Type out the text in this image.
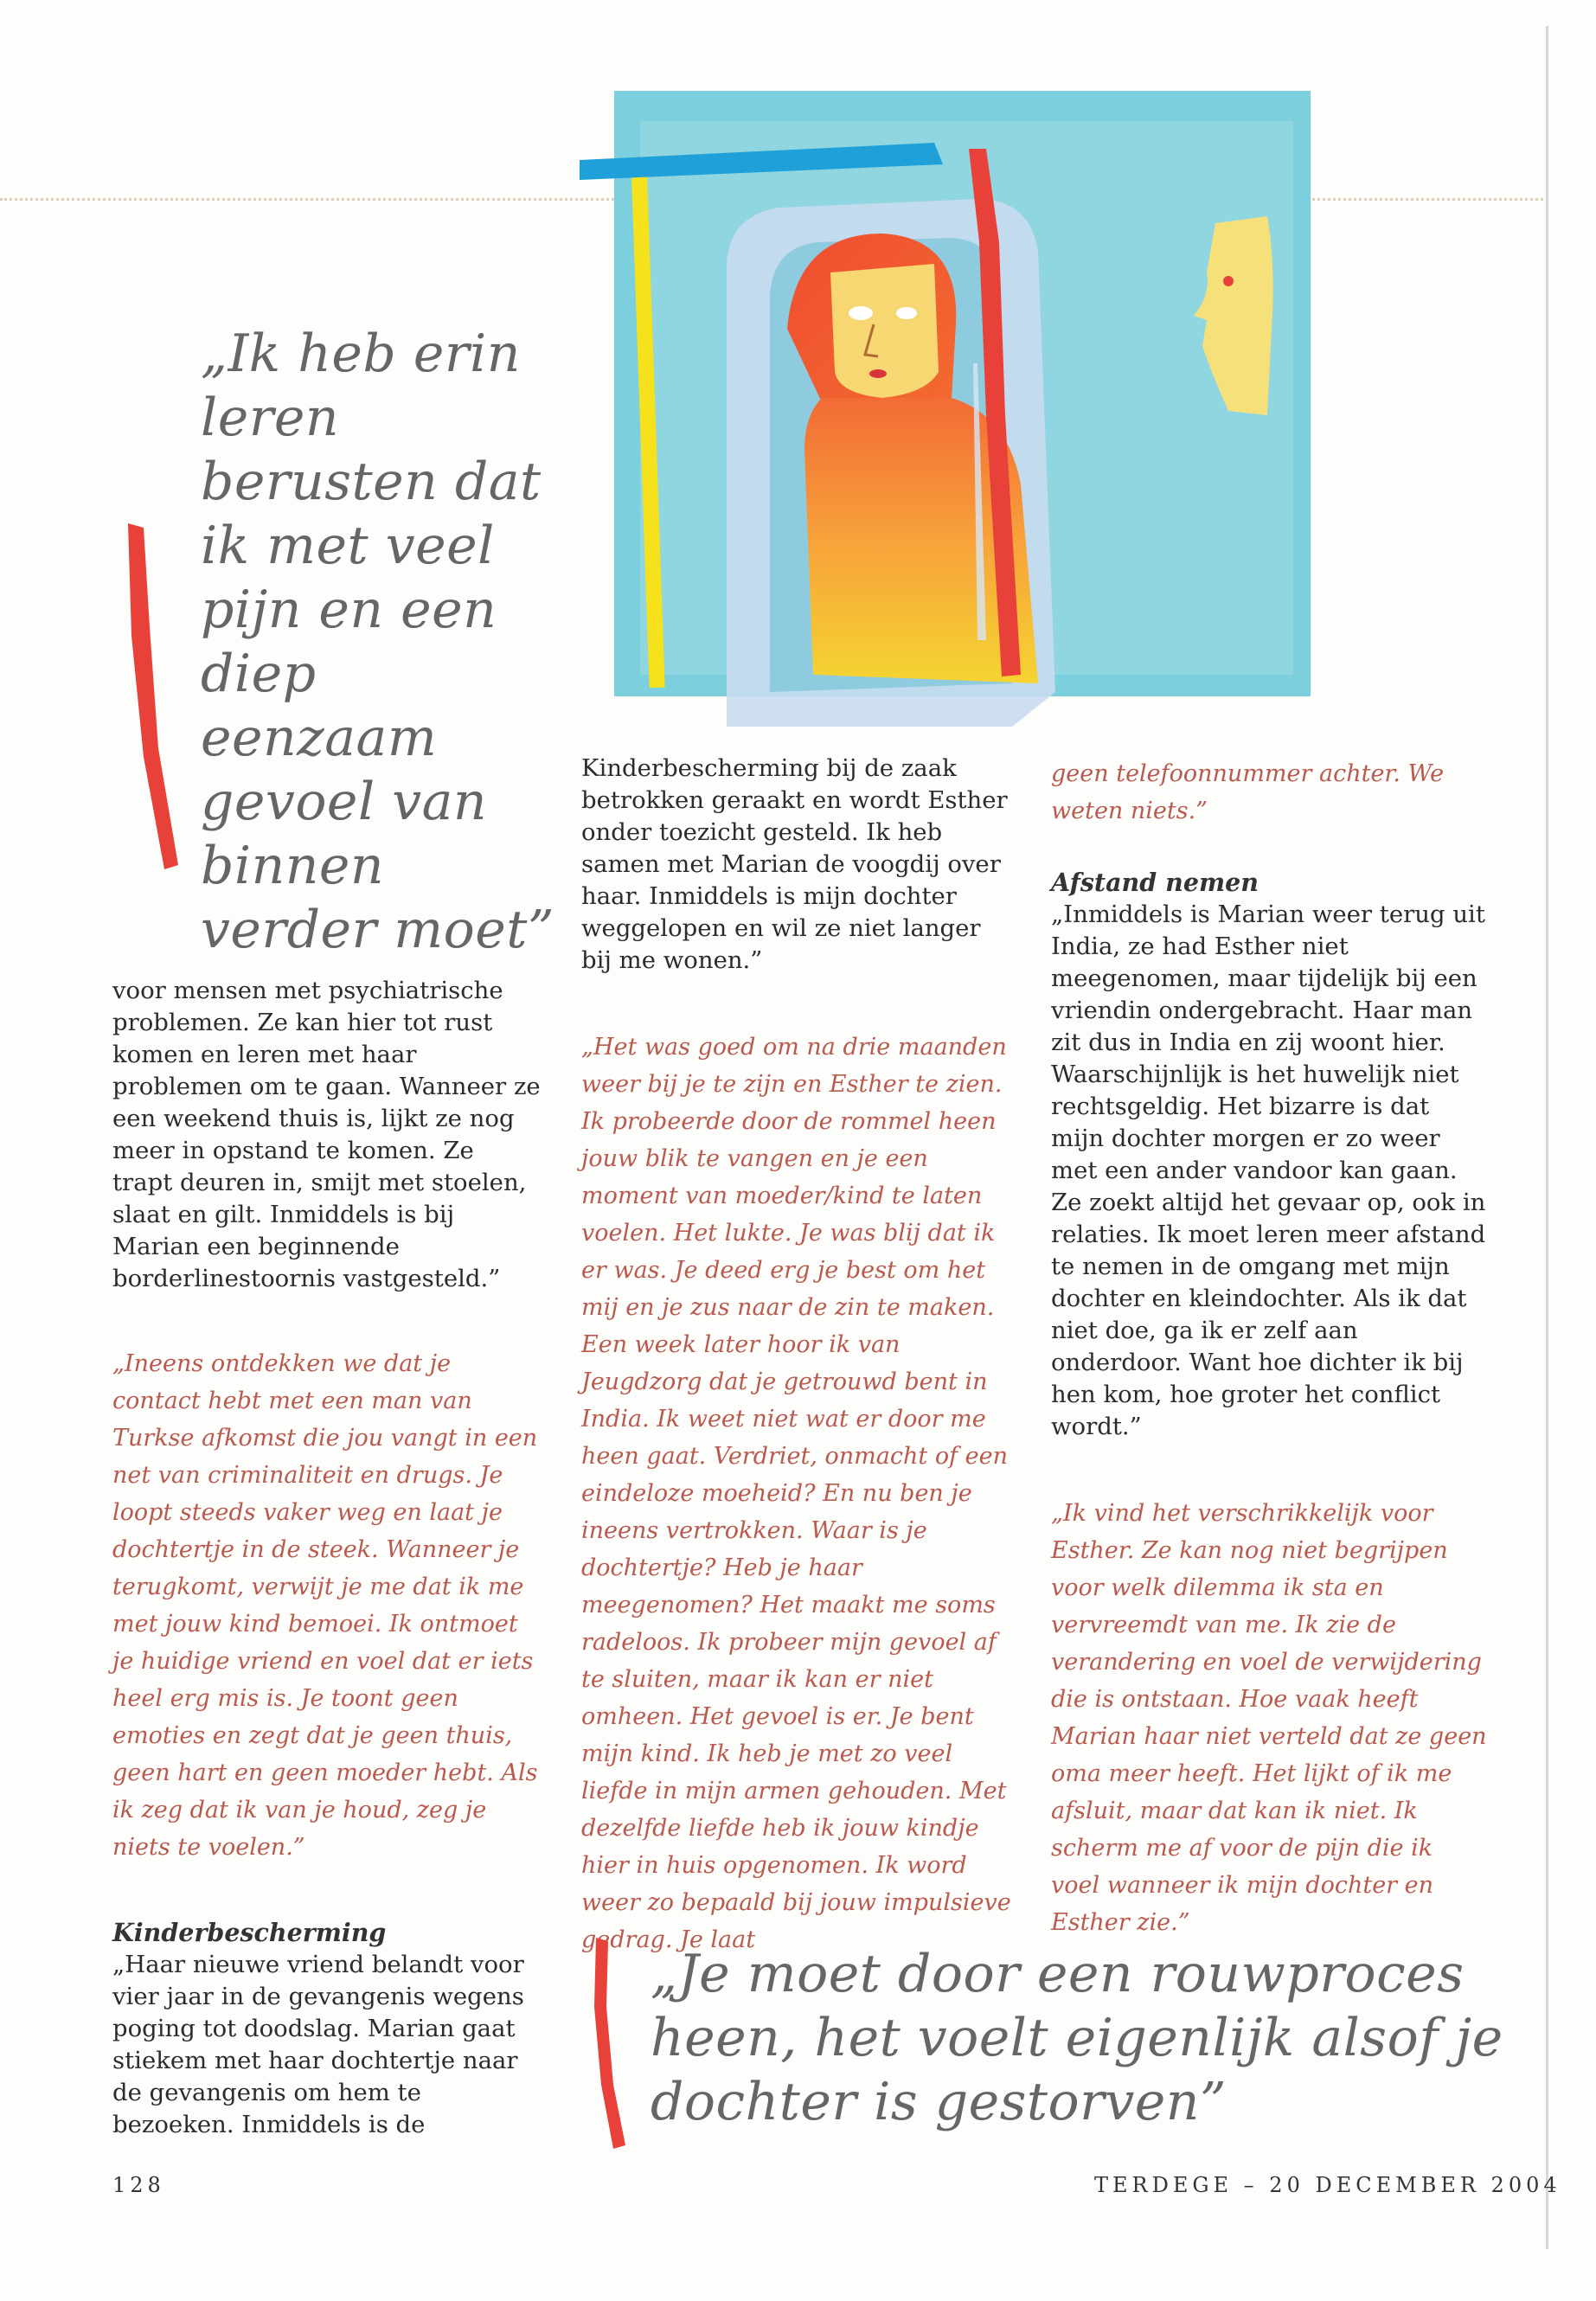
„Ik heb erin leren berusten dat ik met veel pijn en een diep eenzaam gevoel van binnen verder moet”

voor mensen met psychiatrische problemen. Ze kan hier tot rust komen en leren met haar problemen om te gaan. Wanneer ze een weekend thuis is, lijkt ze nog meer in opstand te komen. Ze trapt deuren in, smijt met stoelen, slaat en gilt. Inmiddels is bij Marian een beginnende borderlinestoornis vastgesteld.”

„Ineens ontdekken we dat je contact hebt met een man van Turkse afkomst die jou vangt in een net van criminaliteit en drugs. Je loopt steeds vaker weg en laat je dochtertje in de steek. Wanneer je terugkomt, verwijt je me dat ik me met jouw kind bemoei. Ik ontmoet je huidige vriend en voel dat er iets heel erg mis is. Je toont geen emoties en zegt dat je geen thuis, geen hart en geen moeder hebt. Als ik zeg dat ik van je houd, zeg je niets te voelen.”

Kinderbescherming

„Haar nieuwe vriend belandt voor vier jaar in de gevangenis wegens poging tot doodslag. Marian gaat stiekem met haar dochtertje naar de gevangenis om hem te bezoeken. Inmiddels is de

Kinderbescherming bij de zaak betrokken geraakt en wordt Esther onder toezicht gesteld. Ik heb samen met Marian de voogdij over haar. Inmiddels is mijn dochter weggelopen en wil ze niet langer bij me wonen.”

„Het was goed om na drie maanden weer bij je te zijn en Esther te zien. Ik probeerde door de rommel heen jouw blik te vangen en je een moment van moeder/kind te laten voelen. Het lukte. Je was blij dat ik er was. Je deed erg je best om het mij en je zus naar de zin te maken.

Een week later hoor ik van Jeugdzorg dat je getrouwd bent in India. Ik weet niet wat er door me heen gaat. Verdriet, onmacht of een eindeloze moeheid? En nu ben je ineens vertrokken. Waar is je dochtertje? Heb je haar meegenomen? Het maakt me soms radeloos. Ik probeer mijn gevoel af te sluiten, maar ik kan er niet omheen. Het gevoel is er. Je bent mijn kind. Ik heb je met zo veel liefde in mijn armen gehouden. Met dezelfde liefde heb ik jouw kindje hier in huis opgenomen. Ik word weer zo bepaald bij jouw impulsieve gedrag. Je laat

geen telefoonnummer achter. We weten niets.”

Afstand nemen

„Inmiddels is Marian weer terug uit India, ze had Esther niet meegenomen, maar tijdelijk bij een vriendin ondergebracht. Haar man zit dus in India en zij woont hier. Waarschijnlijk is het huwelijk niet rechtsgeldig. Het bizarre is dat mijn dochter morgen er zo weer met een ander vandoor kan gaan. Ze zoekt altijd het gevaar op, ook in relaties. Ik moet leren meer afstand te nemen in de omgang met mijn dochter en kleindochter. Als ik dat niet doe, ga ik er zelf aan onderdoor. Want hoe dichter ik bij hen kom, hoe groter het conflict wordt.”

„Ik vind het verschrikkelijk voor Esther. Ze kan nog niet begrijpen voor welk dilemma ik sta en vervreemdt van me. Ik zie de verandering en voel de verwijdering die is ontstaan. Hoe vaak heeft Marian haar niet verteld dat ze geen oma meer heeft. Het lijkt of ik me afsluit, maar dat kan ik niet. Ik scherm me af voor de pijn die ik voel wanneer ik mijn dochter en Esther zie.”

„Je moet door een rouwproces heen, het voelt eigenlijk alsof je dochter is gestorven”

128	TERDEGE – 20 DECEMBER 2004
